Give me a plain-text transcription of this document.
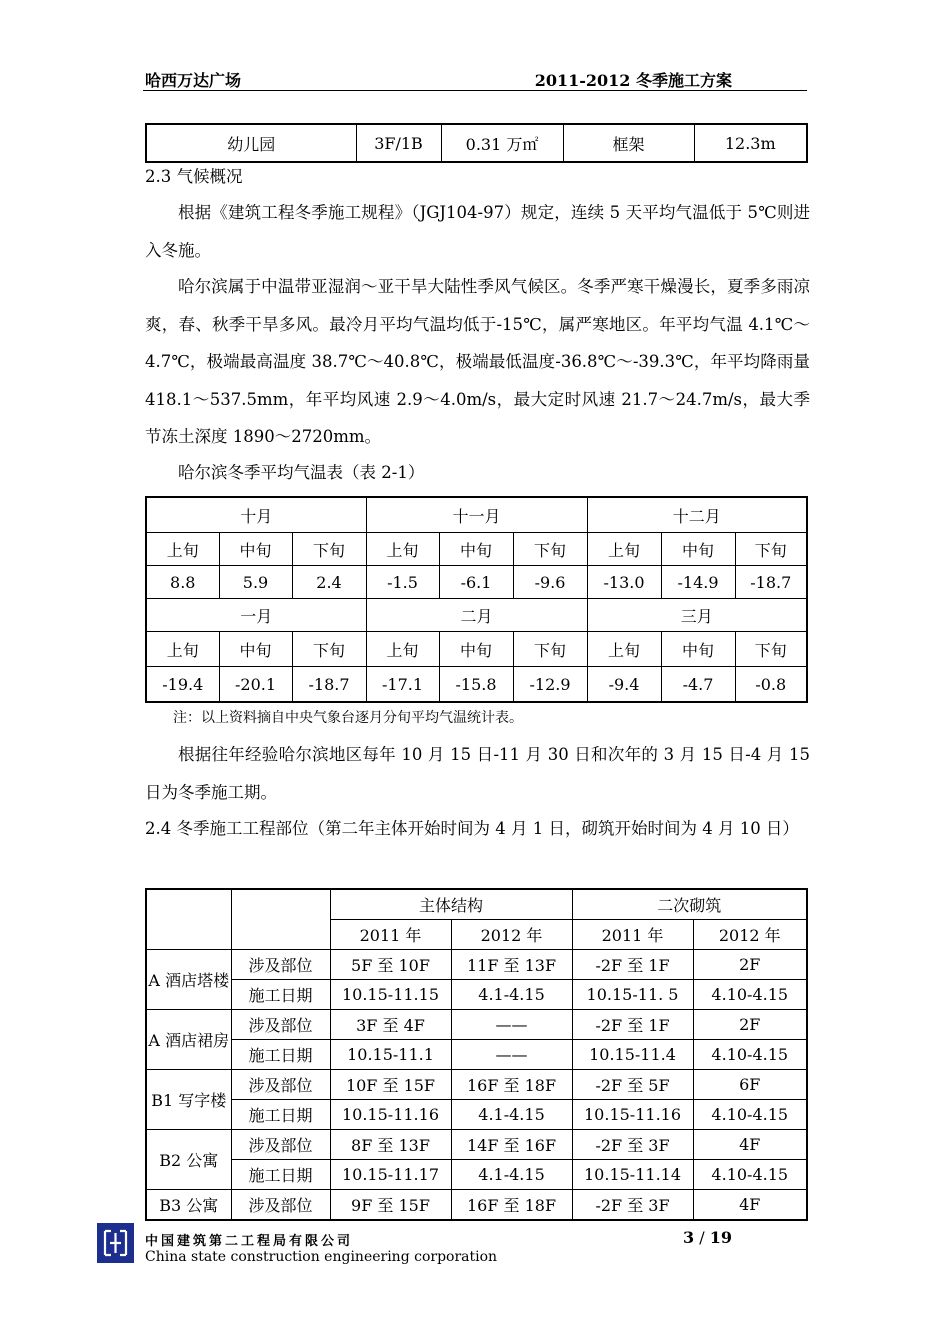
哈西万达广场	2011-2012 冬季施工方案
幼儿园	3F/1B	0.31 万㎡	框架	12.3m
2.3 气候概况
根据《建筑工程冬季施工规程》（JGJ104-97）规定，连续 5 天平均气温低于 5℃则进入冬施。
哈尔滨属于中温带亚湿润～亚干旱大陆性季风气候区。冬季严寒干燥漫长，夏季多雨凉爽，春、秋季干旱多风。最冷月平均气温均低于-15℃，属严寒地区。年平均气温 4.1℃～4.7℃，极端最高温度 38.7℃～40.8℃，极端最低温度-36.8℃～-39.3℃，年平均降雨量 418.1～537.5mm，年平均风速 2.9～4.0m/s，最大定时风速 21.7～24.7m/s，最大季节冻土深度 1890～2720mm。
哈尔滨冬季平均气温表（表 2-1）
十月			十一月			十二月		
上旬	中旬	下旬	上旬	中旬	下旬	上旬	中旬	下旬
8.8	5.9	2.4	-1.5	-6.1	-9.6	-13.0	-14.9	-18.7
一月			二月			三月		
上旬	中旬	下旬	上旬	中旬	下旬	上旬	中旬	下旬
-19.4	-20.1	-18.7	-17.1	-15.8	-12.9	-9.4	-4.7	-0.8
注：以上资料摘自中央气象台逐月分旬平均气温统计表。
根据往年经验哈尔滨地区每年 10 月 15 日-11 月 30 日和次年的 3 月 15 日-4 月 15 日为冬季施工期。
2.4 冬季施工工程部位（第二年主体开始时间为 4 月 1 日，砌筑开始时间为 4 月 10 日）
		主体结构		二次砌筑	
		2011 年	2012 年	2011 年	2012 年
A 酒店塔楼	涉及部位	5F 至 10F	11F 至 13F	-2F 至 1F	2F
	施工日期	10.15-11.15	4.1-4.15	10.15-11. 5	4.10-4.15
A 酒店裙房	涉及部位	3F 至 4F	——	-2F 至 1F	2F
	施工日期	10.15-11.1	——	10.15-11.4	4.10-4.15
B1 写字楼	涉及部位	10F 至 15F	16F 至 18F	-2F 至 5F	6F
	施工日期	10.15-11.16	4.1-4.15	10.15-11.16	4.10-4.15
B2 公寓	涉及部位	8F 至 13F	14F 至 16F	-2F 至 3F	4F
	施工日期	10.15-11.17	4.1-4.15	10.15-11.14	4.10-4.15
B3 公寓	涉及部位	9F 至 15F	16F 至 18F	-2F 至 3F	4F
中国建筑第二工程局有限公司
China state construction engineering corporation
3 / 19
